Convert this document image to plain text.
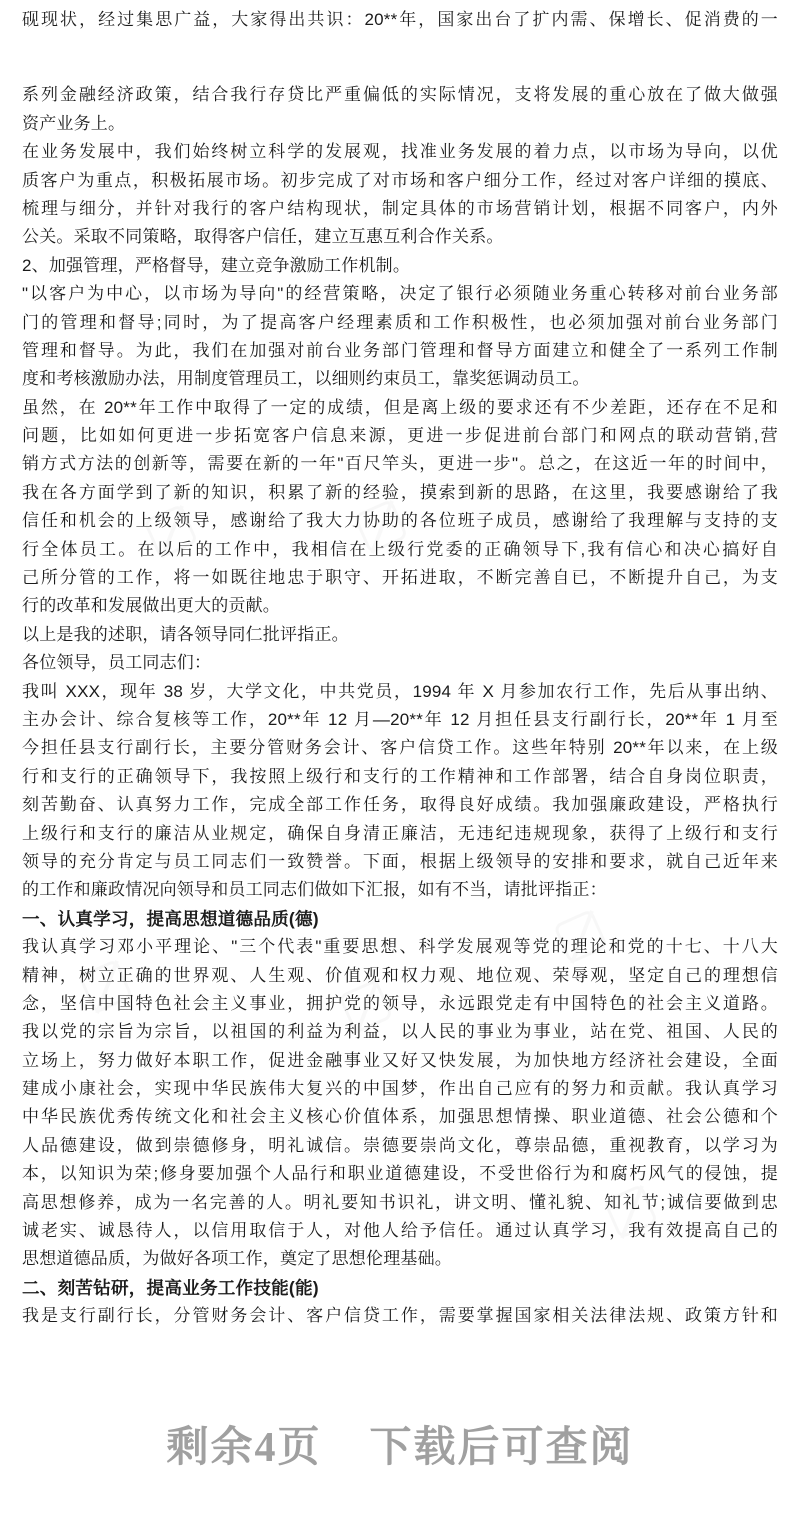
砚现状，经过集思广益，大家得出共识：20**年，国家出台了扩内需、保增长、促消费的一
系列金融经济政策，结合我行存贷比严重偏低的实际情况，支将发展的重心放在了做大做强
资产业务上。
在业务发展中，我们始终树立科学的发展观，找准业务发展的着力点，以市场为导向，以优
质客户为重点，积极拓展市场。初步完成了对市场和客户细分工作，经过对客户详细的摸底、
梳理与细分，并针对我行的客户结构现状，制定具体的市场营销计划，根据不同客户，内外
公关。采取不同策略，取得客户信任，建立互惠互利合作关系。
2、加强管理，严格督导，建立竞争激励工作机制。
"以客户为中心，以市场为导向"的经营策略，决定了银行必须随业务重心转移对前台业务部
门的管理和督导;同时，为了提高客户经理素质和工作积极性，也必须加强对前台业务部门
管理和督导。为此，我们在加强对前台业务部门管理和督导方面建立和健全了一系列工作制
度和考核激励办法，用制度管理员工，以细则约束员工，靠奖惩调动员工。
虽然，在 20**年工作中取得了一定的成绩，但是离上级的要求还有不少差距，还存在不足和
问题，比如如何更进一步拓宽客户信息来源，更进一步促进前台部门和网点的联动营销,营
销方式方法的创新等，需要在新的一年"百尺竿头，更进一步"。总之，在这近一年的时间中，
我在各方面学到了新的知识，积累了新的经验，摸索到新的思路，在这里，我要感谢给了我
信任和机会的上级领导，感谢给了我大力协助的各位班子成员，感谢给了我理解与支持的支
行全体员工。在以后的工作中，我相信在上级行党委的正确领导下,我有信心和决心搞好自
己所分管的工作，将一如既往地忠于职守、开拓进取，不断完善自已，不断提升自己，为支
行的改革和发展做出更大的贡献。
以上是我的述职，请各领导同仁批评指正。
各位领导，员工同志们：
我叫 XXX，现年 38 岁，大学文化，中共党员，1994 年 X 月参加农行工作，先后从事出纳、
主办会计、综合复核等工作，20**年 12 月—20**年 12 月担任县支行副行长，20**年 1 月至
今担任县支行副行长，主要分管财务会计、客户信贷工作。这些年特别 20**年以来，在上级
行和支行的正确领导下，我按照上级行和支行的工作精神和工作部署，结合自身岗位职责，
刻苦勤奋、认真努力工作，完成全部工作任务，取得良好成绩。我加强廉政建设，严格执行
上级行和支行的廉洁从业规定，确保自身清正廉洁，无违纪违规现象，获得了上级行和支行
领导的充分肯定与员工同志们一致赞誉。下面，根据上级领导的安排和要求，就自己近年来
的工作和廉政情况向领导和员工同志们做如下汇报，如有不当，请批评指正：
一、认真学习，提高思想道德品质(德)
我认真学习邓小平理论、"三个代表"重要思想、科学发展观等党的理论和党的十七、十八大
精神，树立正确的世界观、人生观、价值观和权力观、地位观、荣辱观，坚定自己的理想信
念，坚信中国特色社会主义事业，拥护党的领导，永远跟党走有中国特色的社会主义道路。
我以党的宗旨为宗旨，以祖国的利益为利益，以人民的事业为事业，站在党、祖国、人民的
立场上，努力做好本职工作，促进金融事业又好又快发展，为加快地方经济社会建设，全面
建成小康社会，实现中华民族伟大复兴的中国梦，作出自己应有的努力和贡献。我认真学习
中华民族优秀传统文化和社会主义核心价值体系，加强思想情操、职业道德、社会公德和个
人品德建设，做到崇德修身，明礼诚信。崇德要崇尚文化，尊崇品德，重视教育，以学习为
本，以知识为荣;修身要加强个人品行和职业道德建设，不受世俗行为和腐朽风气的侵蚀，提
高思想修养，成为一名完善的人。明礼要知书识礼，讲文明、懂礼貌、知礼节;诚信要做到忠
诚老实、诚恳待人，以信用取信于人，对他人给予信任。通过认真学习，我有效提高自己的
思想道德品质，为做好各项工作，奠定了思想伦理基础。
二、刻苦钻研，提高业务工作技能(能)
我是支行副行长，分管财务会计、客户信贷工作，需要掌握国家相关法律法规、政策方针和
剩余4页 下载后可查阅
